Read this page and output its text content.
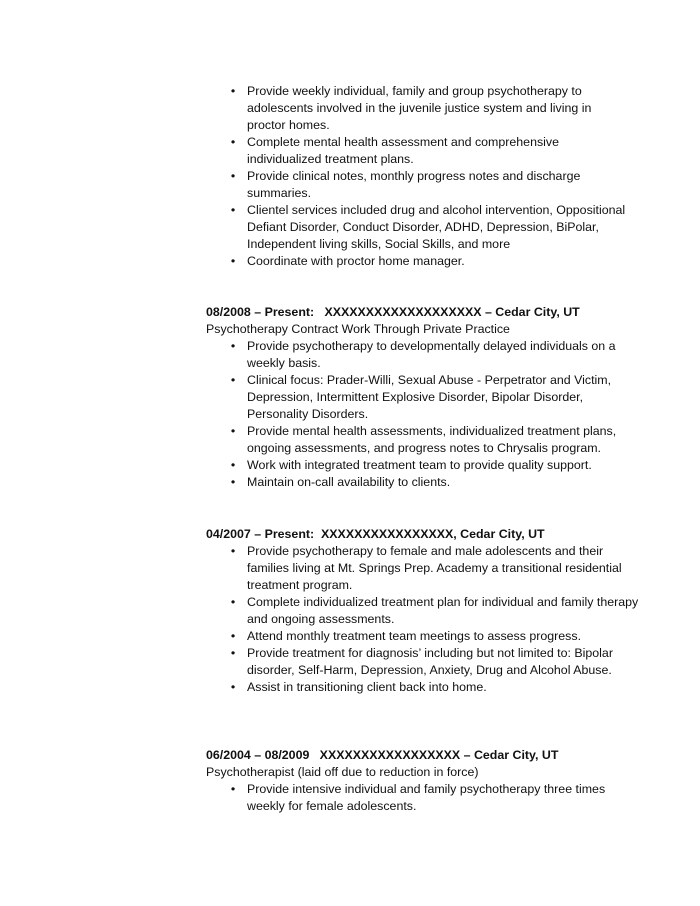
• Provide weekly individual, family and group psychotherapy to adolescents involved in the juvenile justice system and living in proctor homes.
• Complete mental health assessment and comprehensive individualized treatment plans.
• Provide clinical notes, monthly progress notes and discharge summaries.
• Clientel services included drug and alcohol intervention, Oppositional Defiant Disorder, Conduct Disorder, ADHD, Depression, BiPolar, Independent living skills, Social Skills, and more
• Coordinate with proctor home manager.
08/2008 – Present:   XXXXXXXXXXXXXXXXXXX – Cedar City, UT
Psychotherapy Contract Work Through Private Practice
• Provide psychotherapy to developmentally delayed individuals on a weekly basis.
• Clinical focus: Prader-Willi, Sexual Abuse - Perpetrator and Victim, Depression, Intermittent Explosive Disorder, Bipolar Disorder, Personality Disorders.
• Provide mental health assessments, individualized treatment plans, ongoing assessments, and progress notes to Chrysalis program.
• Work with integrated treatment team to provide quality support.
• Maintain on-call availability to clients.
04/2007 – Present:  XXXXXXXXXXXXXXXX, Cedar City, UT
• Provide psychotherapy to female and male adolescents and their families living at Mt. Springs Prep. Academy a transitional residential treatment program.
• Complete individualized treatment plan for individual and family therapy and ongoing assessments.
• Attend monthly treatment team meetings to assess progress.
• Provide treatment for diagnosis’ including but not limited to: Bipolar disorder, Self-Harm, Depression, Anxiety, Drug and Alcohol Abuse.
• Assist in transitioning client back into home.
06/2004 – 08/2009   XXXXXXXXXXXXXXXXX – Cedar City, UT
Psychotherapist (laid off due to reduction in force)
• Provide intensive individual and family psychotherapy three times weekly for female adolescents.
